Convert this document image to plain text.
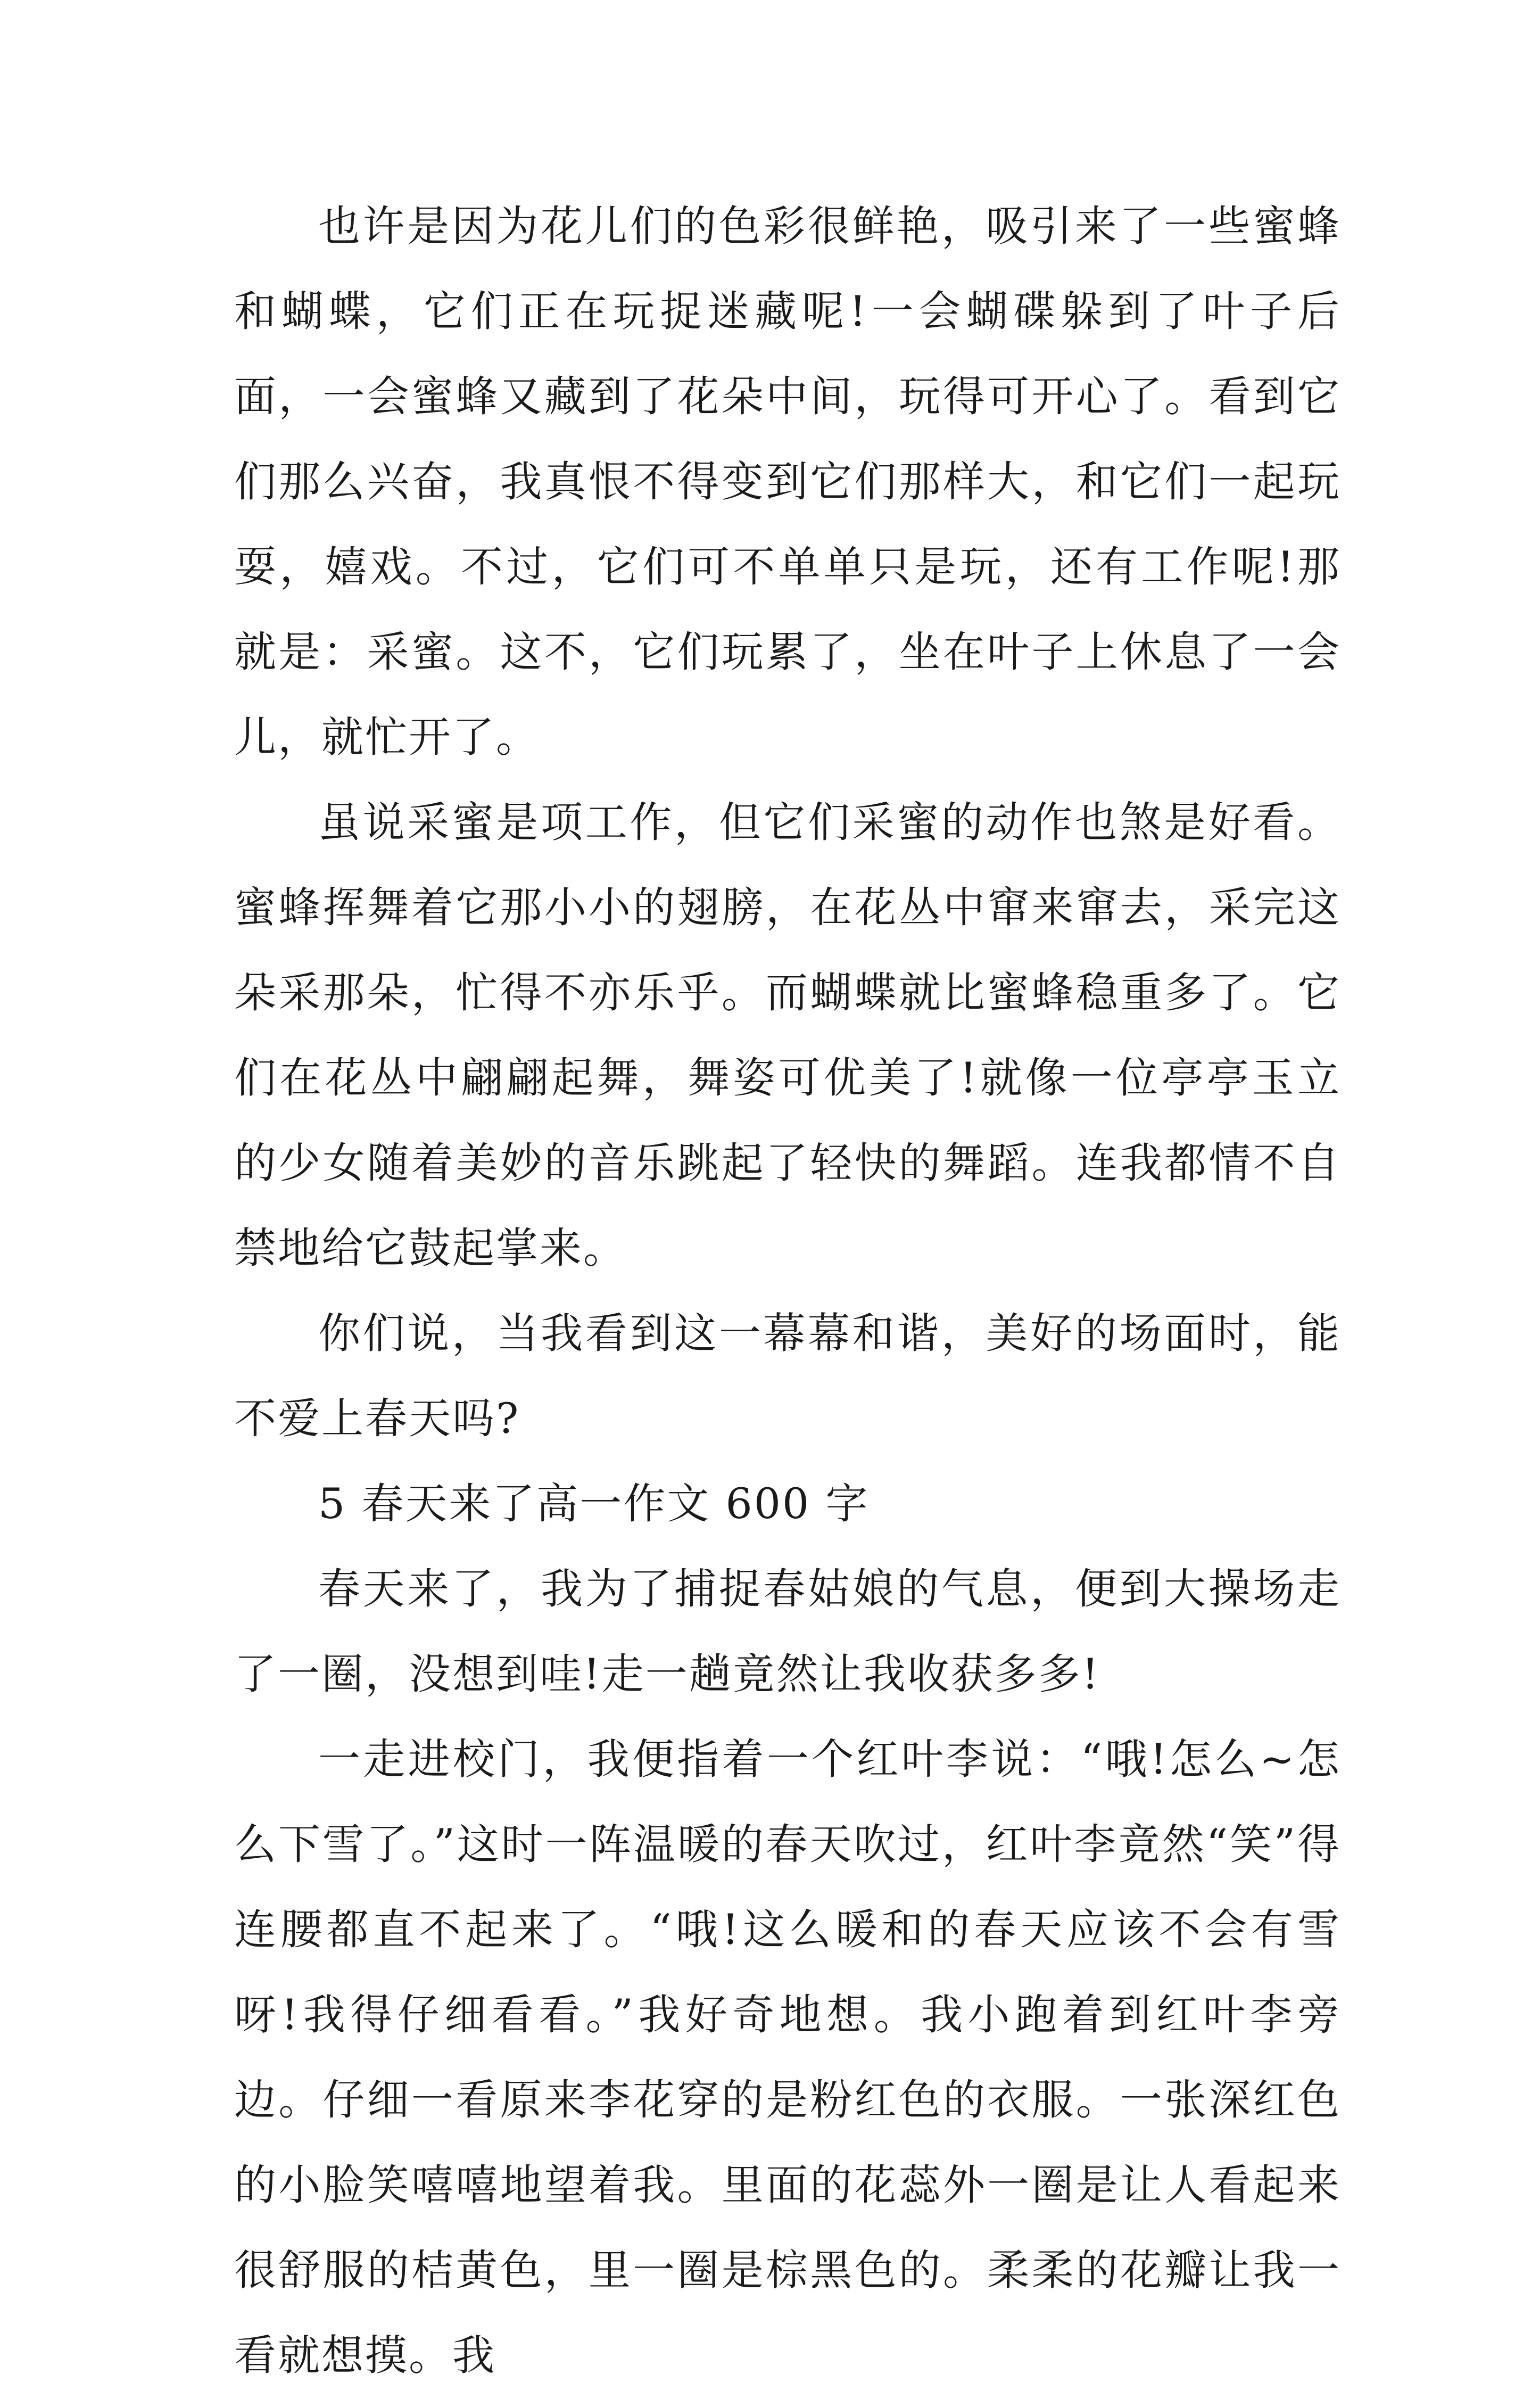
也许是因为花儿们的色彩很鲜艳，吸引来了一些蜜蜂和蝴蝶，它们正在玩捉迷藏呢!一会蝴碟躲到了叶子后面，一会蜜蜂又藏到了花朵中间，玩得可开心了。看到它们那么兴奋，我真恨不得变到它们那样大，和它们一起玩耍，嬉戏。不过，它们可不单单只是玩，还有工作呢!那就是：采蜜。这不，它们玩累了，坐在叶子上休息了一会儿，就忙开了。

虽说采蜜是项工作，但它们采蜜的动作也煞是好看。蜜蜂挥舞着它那小小的翅膀，在花丛中窜来窜去，采完这朵采那朵，忙得不亦乐乎。而蝴蝶就比蜜蜂稳重多了。它们在花丛中翩翩起舞，舞姿可优美了!就像一位亭亭玉立的少女随着美妙的音乐跳起了轻快的舞蹈。连我都情不自禁地给它鼓起掌来。

你们说，当我看到这一幕幕和谐，美好的场面时，能不爱上春天吗?

5 春天来了高一作文 600 字

春天来了，我为了捕捉春姑娘的气息，便到大操场走了一圈，没想到哇!走一趟竟然让我收获多多!

一走进校门，我便指着一个红叶李说：“哦!怎么~怎么下雪了。”这时一阵温暖的春天吹过，红叶李竟然“笑”得连腰都直不起来了。“哦!这么暖和的春天应该不会有雪呀!我得仔细看看。”我好奇地想。我小跑着到红叶李旁边。仔细一看原来李花穿的是粉红色的衣服。一张深红色的小脸笑嘻嘻地望着我。里面的花蕊外一圈是让人看起来很舒服的桔黄色，里一圈是棕黑色的。柔柔的花瓣让我一看就想摸。我
